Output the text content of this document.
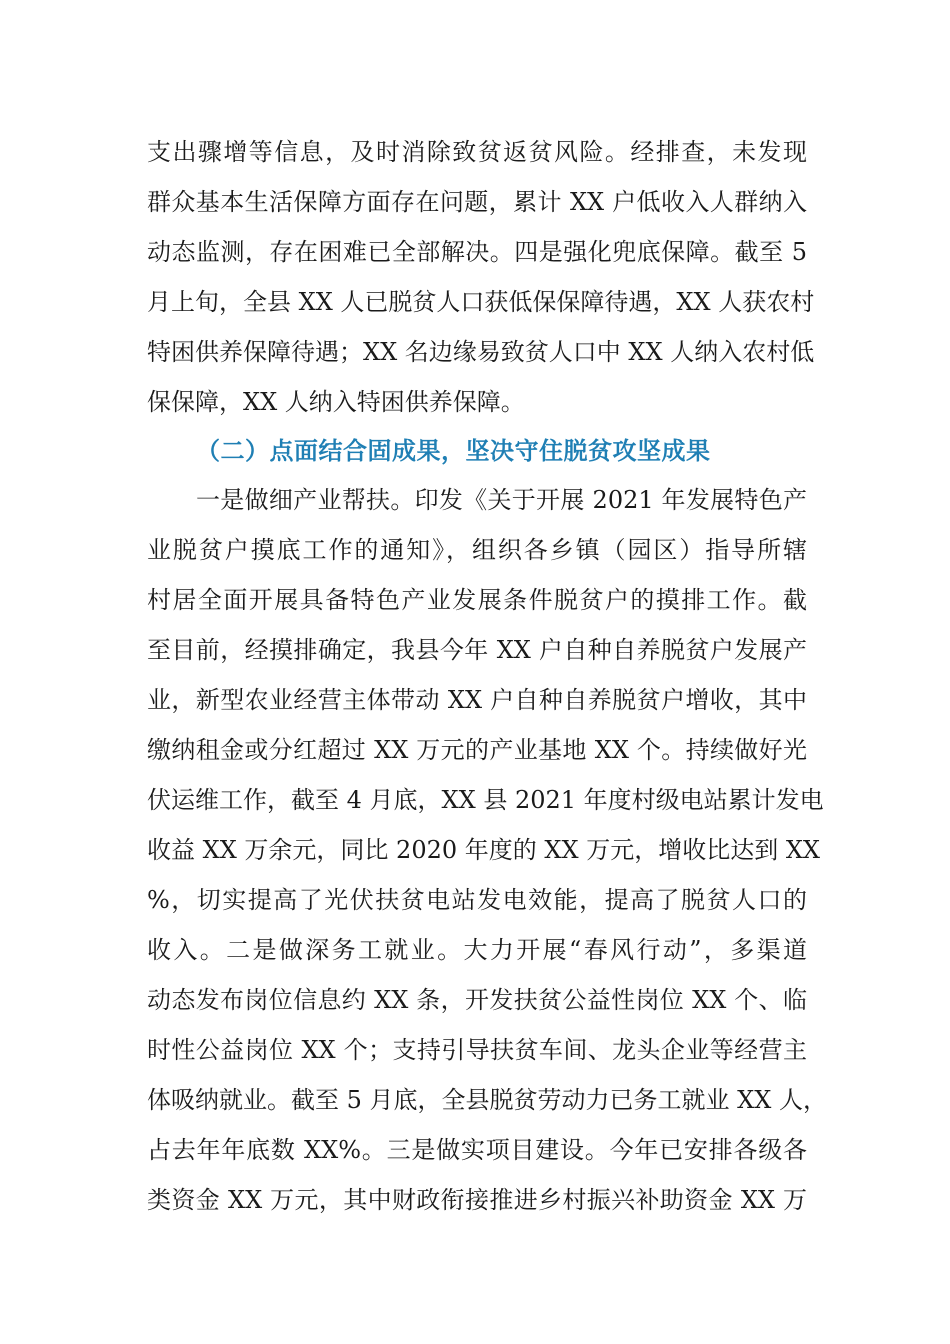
支出骤增等信息，及时消除致贫返贫风险。经排查，未发现
群众基本生活保障方面存在问题，累计 XX 户低收入人群纳入
动态监测，存在困难已全部解决。四是强化兜底保障。截至 5
月上旬，全县 XX 人已脱贫人口获低保保障待遇，XX 人获农村
特困供养保障待遇；XX 名边缘易致贫人口中 XX 人纳入农村低
保保障，XX 人纳入特困供养保障。
（二）点面结合固成果，坚决守住脱贫攻坚成果
一是做细产业帮扶。印发《关于开展 2021 年发展特色产
业脱贫户摸底工作的通知》，组织各乡镇（园区）指导所辖
村居全面开展具备特色产业发展条件脱贫户的摸排工作。截
至目前，经摸排确定，我县今年 XX 户自种自养脱贫户发展产
业，新型农业经营主体带动 XX 户自种自养脱贫户增收，其中
缴纳租金或分红超过 XX 万元的产业基地 XX 个。持续做好光
伏运维工作，截至 4 月底，XX 县 2021 年度村级电站累计发电
收益 XX 万余元，同比 2020 年度的 XX 万元，增收比达到 XX
%，切实提高了光伏扶贫电站发电效能，提高了脱贫人口的
收入。二是做深务工就业。大力开展“春风行动”，多渠道
动态发布岗位信息约 XX 条，开发扶贫公益性岗位 XX 个、临
时性公益岗位 XX 个；支持引导扶贫车间、龙头企业等经营主
体吸纳就业。截至 5 月底，全县脱贫劳动力已务工就业 XX 人，
占去年年底数 XX%。三是做实项目建设。今年已安排各级各
类资金 XX 万元，其中财政衔接推进乡村振兴补助资金 XX 万
